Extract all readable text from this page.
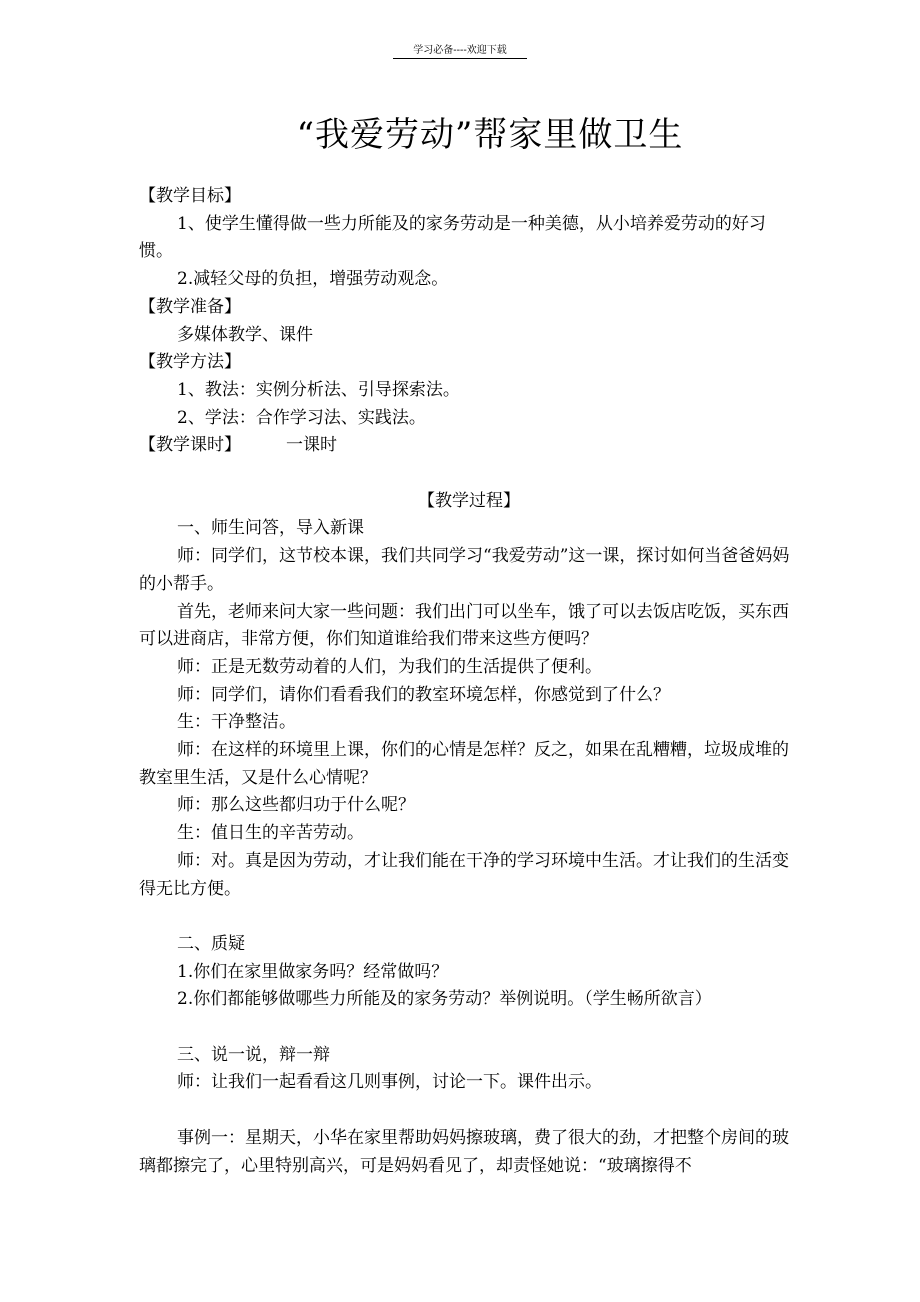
学习必备----欢迎下载
“我爱劳动”帮家里做卫生

【教学目标】

1、使学生懂得做一些力所能及的家务劳动是一种美德，从小培养爱劳动的好习惯。

2.减轻父母的负担，增强劳动观念。

【教学准备】

多媒体教学、课件

【教学方法】

1、教法：实例分析法、引导探索法。

2、学法：合作学习法、实践法。

【教学课时】	一课时

【教学过程】

一、师生问答，导入新课

师：同学们，这节校本课，我们共同学习“我爱劳动”这一课，探讨如何当爸爸妈妈的小帮手。

首先，老师来问大家一些问题：我们出门可以坐车，饿了可以去饭店吃饭，买东西可以进商店，非常方便，你们知道谁给我们带来这些方便吗？

师：正是无数劳动着的人们，为我们的生活提供了便利。

师：同学们，请你们看看我们的教室环境怎样，你感觉到了什么？

生：干净整洁。

师：在这样的环境里上课，你们的心情是怎样？反之，如果在乱糟糟，垃圾成堆的教室里生活，又是什么心情呢？

师：那么这些都归功于什么呢？

生：值日生的辛苦劳动。

师：对。真是因为劳动，才让我们能在干净的学习环境中生活。才让我们的生活变得无比方便。

二、质疑

1.你们在家里做家务吗？经常做吗？

2.你们都能够做哪些力所能及的家务劳动？举例说明。（学生畅所欲言）

三、说一说，辩一辩

师：让我们一起看看这几则事例，讨论一下。课件出示。

事例一：星期天，小华在家里帮助妈妈擦玻璃，费了很大的劲，才把整个房间的玻璃都擦完了，心里特别高兴，可是妈妈看见了，却责怪她说：“玻璃擦得不
